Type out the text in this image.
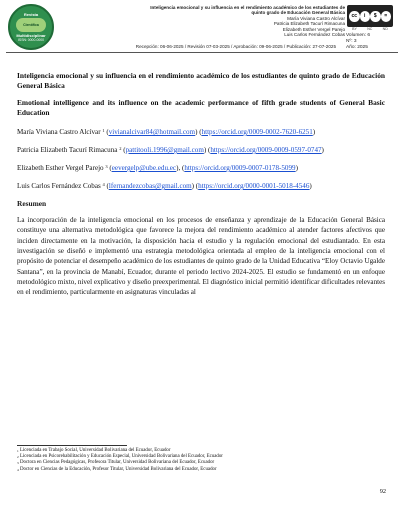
Revista
Científica
Multidisciplinar
ISSN: 0000-0000
Inteligencia emocional y su influencia en el rendimiento académico de los estudiantes de
quinto grado de Educación General Básica
María Viviana Castro Alcívar
Patricia Elizabeth Tacurí Rimacuna
Elizabeth Esther Vergel Parejo
Luis Carlos Fernández Cobas
cc	i	$	=
BY	NC	ND
Volumen: 6
Nº: 3
Año: 2025
Recepción: 06-06-2025 / Revisión 07-03-2025 / Aprobación: 09-06-2025 / Publicación: 27-07-2025
Inteligencia emocional y su influencia en el rendimiento académico de los estudiantes de quinto grado de Educación General Básica
Emotional intelligence and its influence on the academic performance of fifth grade students of General Basic Education
María Viviana Castro Alcívar $^1$ (vivianalcivar84@hotmail.com) (https://orcid.org/0009-0002-7620-6251)
Patricia Elizabeth Tacurí Rimacuna $^2$ (pattitooli.1996@gmail.com) (https://orcid.org/0009-0009-0597-0747)
Elizabeth Esther Vergel Parejo $^3$ (eevergelp@ube.edu.ec), (https://orcid.org/0009-0007-0178-5099)
Luis Carlos Fernández Cobas $^4$ (lfernandezcobas@gmail.com) (https://orcid.org/0000-0001-5018-4546)
Resumen
La incorporación de la inteligencia emocional en los procesos de enseñanza y aprendizaje de la Educación General Básica constituye una alternativa metodológica que favorece la mejora del rendimiento académico al atender factores afectivos que inciden directamente en la motivación, la disposición hacia el estudio y la regulación emocional del estudiantado. En esta investigación se diseñó e implementó una estrategia metodológica orientada al empleo de la inteligencia emocional con el propósito de potenciar el desempeño académico de los estudiantes de quinto grado de la Unidad Educativa “Eloy Octavio Ugalde Santana”, en la provincia de Manabí, Ecuador, durante el periodo lectivo 2024-2025. El estudio se fundamentó en un enfoque metodológico mixto, nivel explicativo y diseño preexperimental. El diagnóstico inicial permitió identificar dificultades relevantes en el rendimiento, particularmente en asignaturas vinculadas al
$^1$ Licenciada en Trabajo Social, Universidad Bolivariana del Ecuador, Ecuador
$^2$ Licenciada en Psicorehabilitación y Educación Especial, Universidad Bolivariana del Ecuador, Ecuador
$^3$ Doctora en Ciencias Pedagógicas, Profesora Titular, Universidad Bolivariana del Ecuador, Ecuador
$^4$ Doctor en Ciencias de la Educación, Profesor Titular, Universidad Bolivariana del Ecuador, Ecuador
92
